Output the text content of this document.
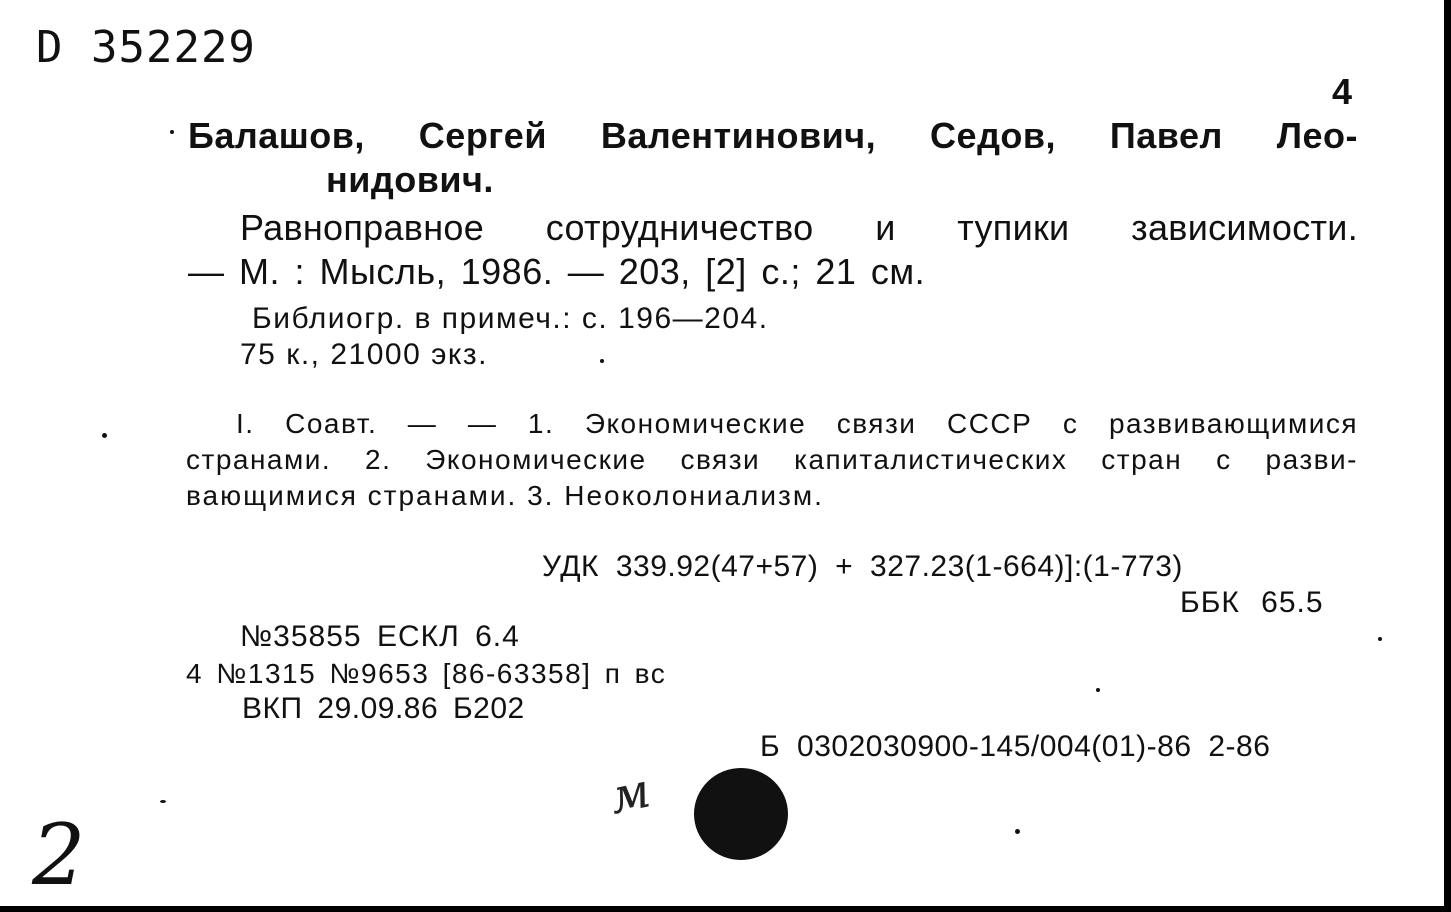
D 352229
4
Балашов, Сергей Валентинович, Седов, Павел Лео-
нидович.
Равноправное сотрудничество и тупики зависимости.
— М. : Мысль, 1986. — 203, [2] с.; 21 см.
Библиогр. в примеч.: с. 196—204.
75 к., 21000 экз.
I. Соавт. — — 1. Экономические связи СССР с развивающимися
странами. 2. Экономические связи капиталистических стран с разви-
вающимися странами. 3. Неоколониализм.
УДК 339.92(47+57) + 327.23(1-664)]:(1-773)
ББК 65.5
№35855 ЕСКЛ 6.4
4 №1315 №9653 [86-63358] п вс
ВКП 29.09.86 Б202
Б 0302030900-145/004(01)-86 2-86
м
2
